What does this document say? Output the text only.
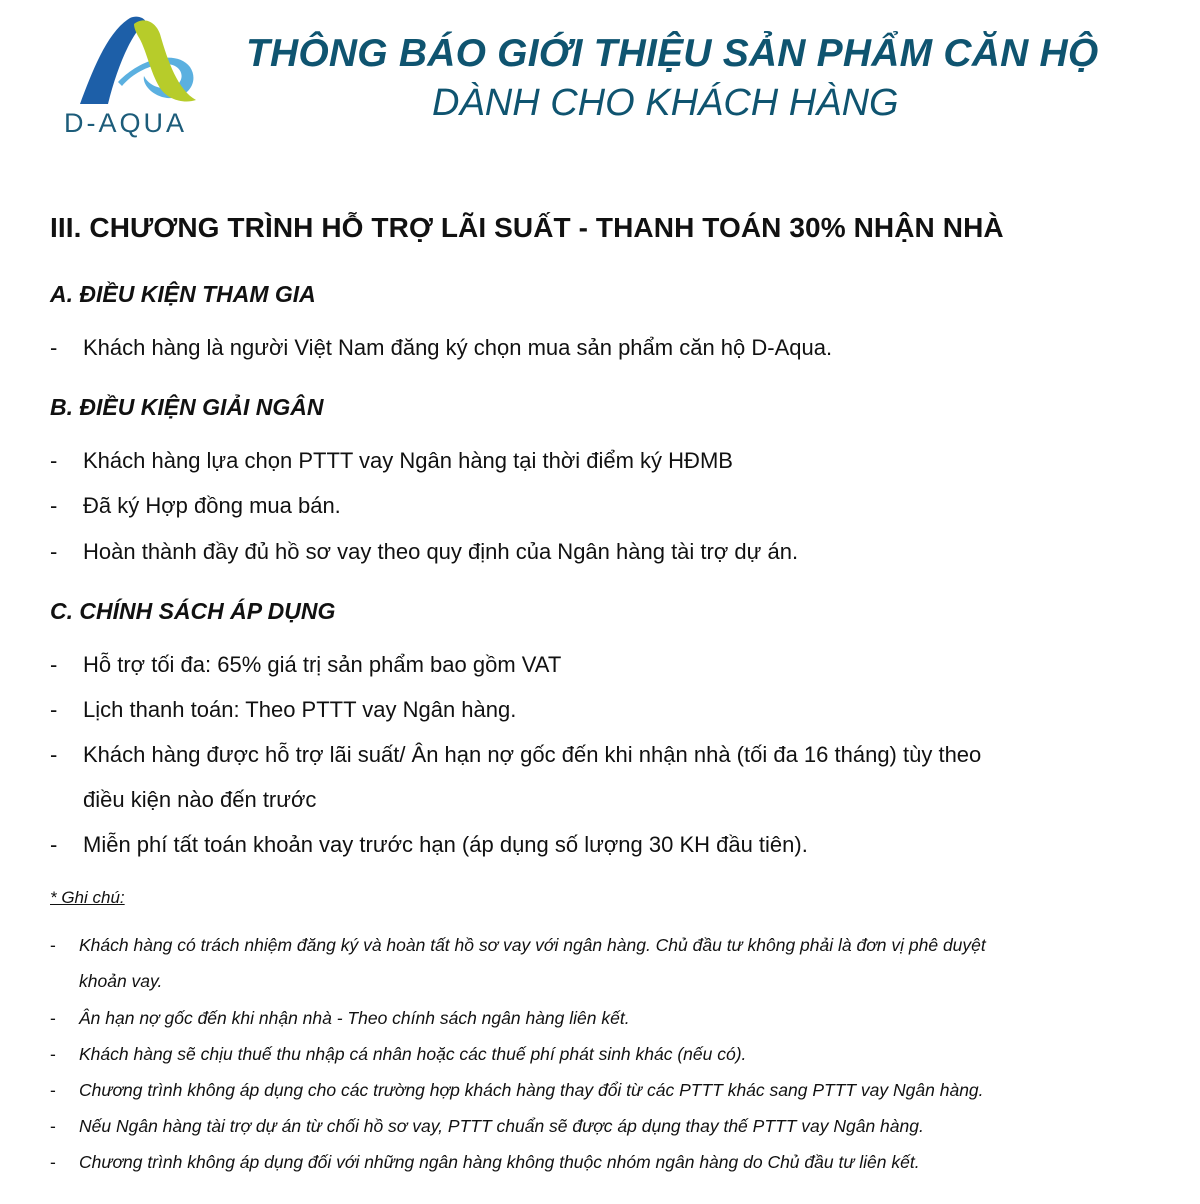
D-AQUA
THÔNG BÁO GIỚI THIỆU SẢN PHẨM CĂN HỘ
DÀNH CHO KHÁCH HÀNG
III. CHƯƠNG TRÌNH HỖ TRỢ LÃI SUẤT - THANH TOÁN 30% NHẬN NHÀ
A. ĐIỀU KIỆN THAM GIA
- Khách hàng là người Việt Nam đăng ký chọn mua sản phẩm căn hộ D-Aqua.
B. ĐIỀU KIỆN GIẢI NGÂN
- Khách hàng lựa chọn PTTT vay Ngân hàng tại thời điểm ký HĐMB
- Đã ký Hợp đồng mua bán.
- Hoàn thành đầy đủ hồ sơ vay theo quy định của Ngân hàng tài trợ dự án.
C. CHÍNH SÁCH ÁP DỤNG
- Hỗ trợ tối đa: 65% giá trị sản phẩm bao gồm VAT
- Lịch thanh toán: Theo PTTT vay Ngân hàng.
- Khách hàng được hỗ trợ lãi suất/ Ân hạn nợ gốc đến khi nhận nhà (tối đa 16 tháng) tùy theo
điều kiện nào đến trước
- Miễn phí tất toán khoản vay trước hạn (áp dụng số lượng 30 KH đầu tiên).
* Ghi chú:
- Khách hàng có trách nhiệm đăng ký và hoàn tất hồ sơ vay với ngân hàng. Chủ đầu tư không phải là đơn vị phê duyệt
khoản vay.
- Ân hạn nợ gốc đến khi nhận nhà - Theo chính sách ngân hàng liên kết.
- Khách hàng sẽ chịu thuế thu nhập cá nhân hoặc các thuế phí phát sinh khác (nếu có).
- Chương trình không áp dụng cho các trường hợp khách hàng thay đổi từ các PTTT khác sang PTTT vay Ngân hàng.
- Nếu Ngân hàng tài trợ dự án từ chối hồ sơ vay, PTTT chuẩn sẽ được áp dụng thay thế PTTT vay Ngân hàng.
- Chương trình không áp dụng đối với những ngân hàng không thuộc nhóm ngân hàng do Chủ đầu tư liên kết.
